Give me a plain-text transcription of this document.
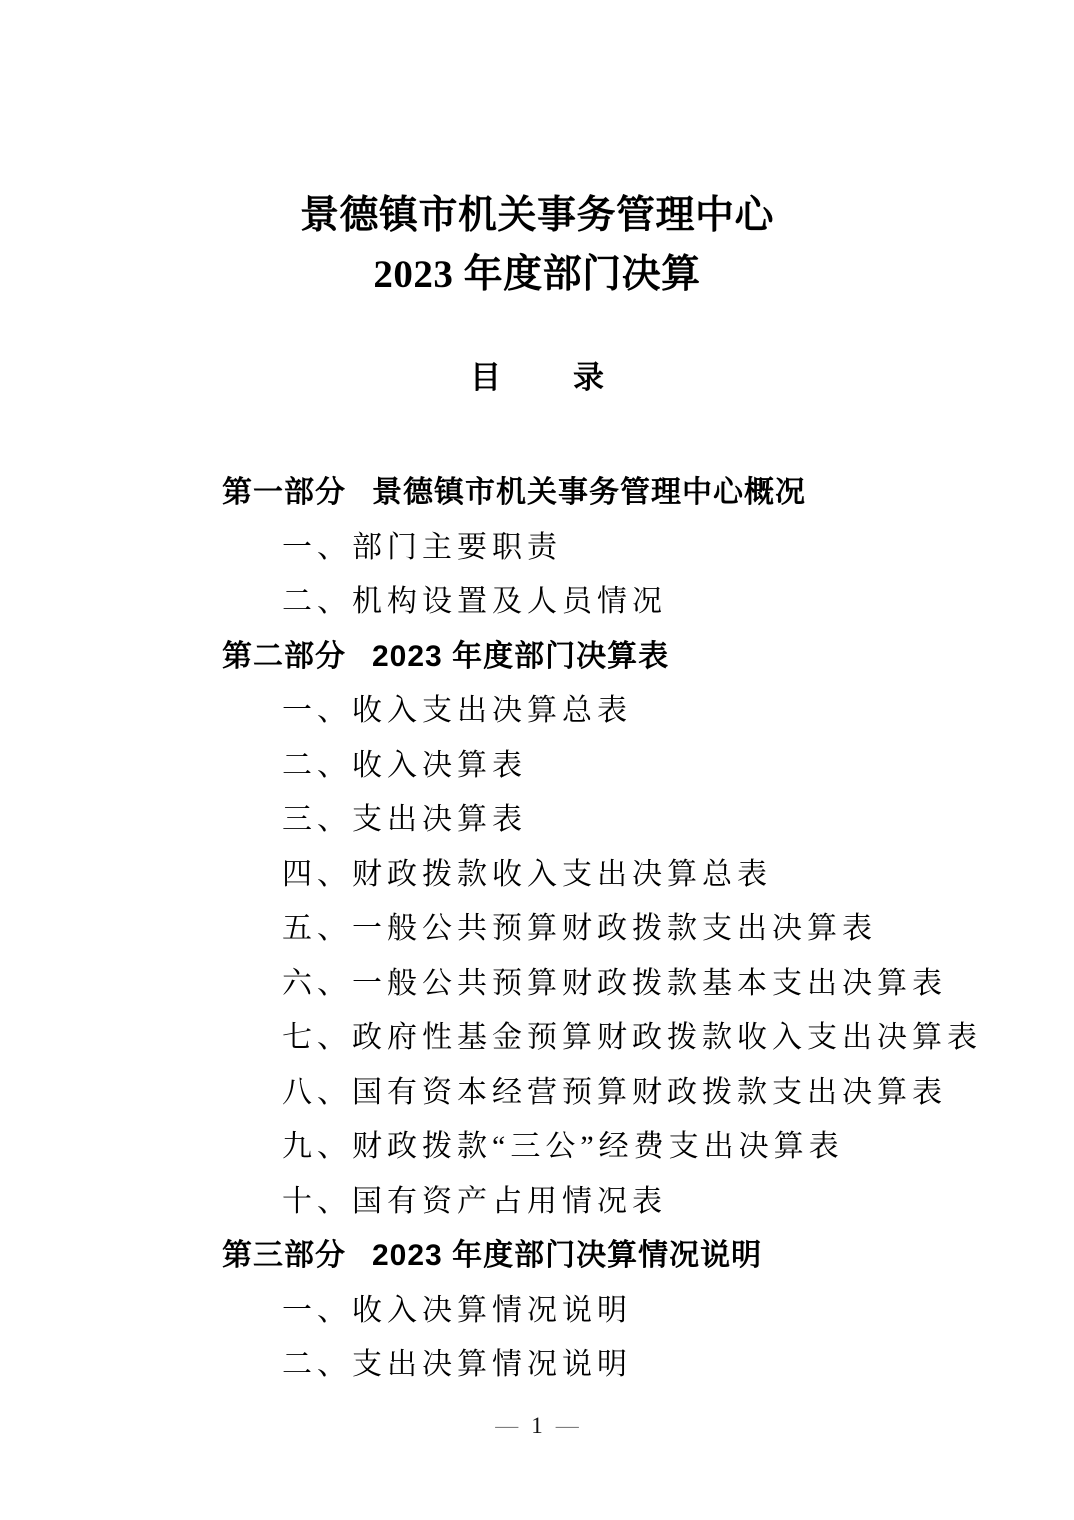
景德镇市机关事务管理中心
2023 年度部门决算
目录
第一部分 景德镇市机关事务管理中心概况
一、部门主要职责
二、机构设置及人员情况
第二部分 2023 年度部门决算表
一、收入支出决算总表
二、收入决算表
三、支出决算表
四、财政拨款收入支出决算总表
五、一般公共预算财政拨款支出决算表
六、一般公共预算财政拨款基本支出决算表
七、政府性基金预算财政拨款收入支出决算表
八、国有资本经营预算财政拨款支出决算表
九、财政拨款“三公”经费支出决算表
十、国有资产占用情况表
第三部分 2023 年度部门决算情况说明
一、收入决算情况说明
二、支出决算情况说明
— 1 —
